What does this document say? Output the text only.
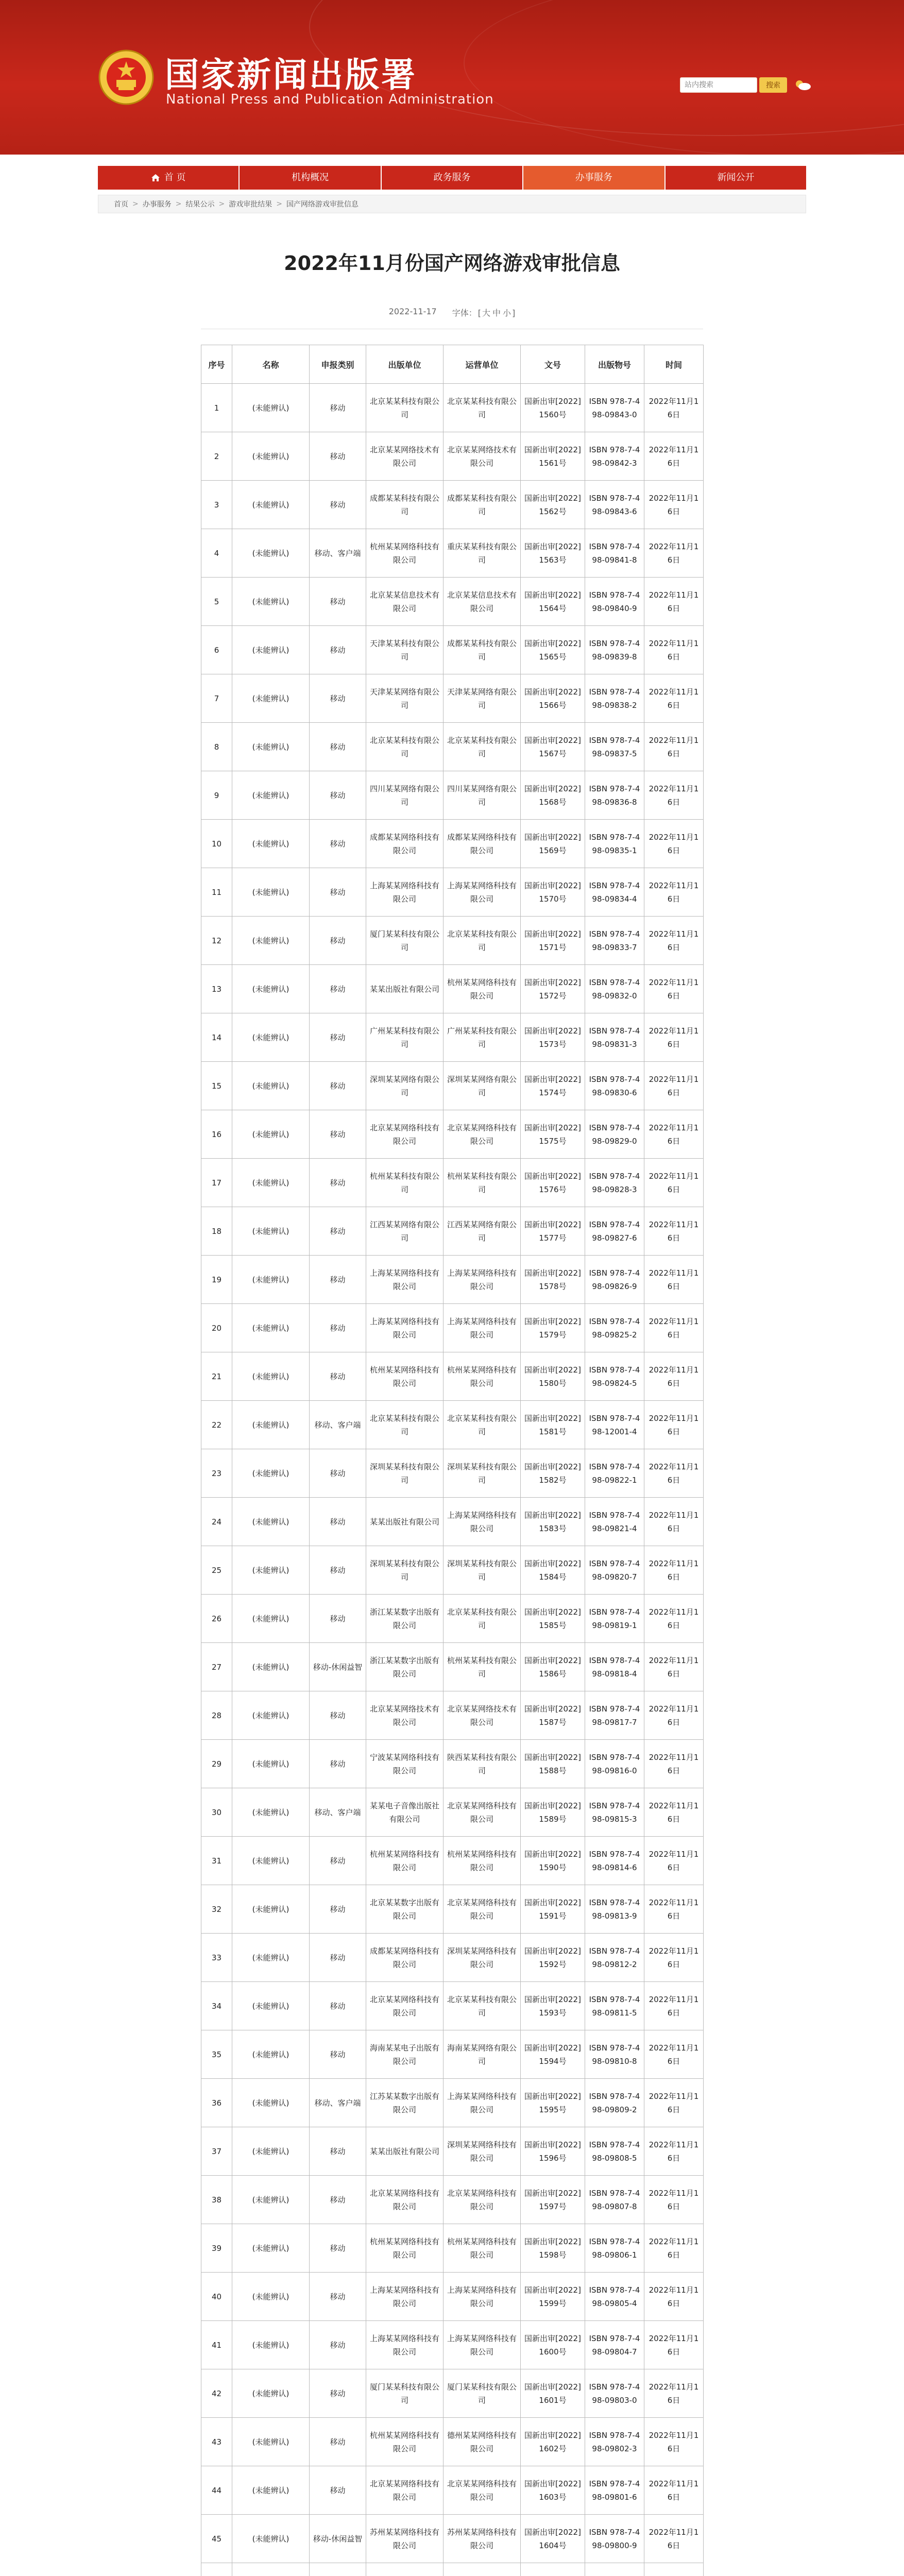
国家新闻出版署
National Press and Publication Administration
站内搜索
搜索
首 页	机构概况	政务服务	办事服务	新闻公开
首页 > 办事服务 > 结果公示 > 游戏审批结果 > 国产网络游戏审批信息
2022年11月份国产网络游戏审批信息
2022-11-17 字体： [ 大 中 小 ]
序号	名称	申报类别	出版单位	运营单位	文号	出版物号	时间
1	(未能辨认)	移动	北京某某科技有限公司	北京某某科技有限公司	国新出审[2022]1560号	ISBN 978-7-498-09843-0	2022年11月16日
2	(未能辨认)	移动	北京某某网络技术有限公司	北京某某网络技术有限公司	国新出审[2022]1561号	ISBN 978-7-498-09842-3	2022年11月16日
3	(未能辨认)	移动	成都某某科技有限公司	成都某某科技有限公司	国新出审[2022]1562号	ISBN 978-7-498-09843-6	2022年11月16日
4	(未能辨认)	移动、客户端	杭州某某网络科技有限公司	重庆某某科技有限公司	国新出审[2022]1563号	ISBN 978-7-498-09841-8	2022年11月16日
5	(未能辨认)	移动	北京某某信息技术有限公司	北京某某信息技术有限公司	国新出审[2022]1564号	ISBN 978-7-498-09840-9	2022年11月16日
6	(未能辨认)	移动	天津某某科技有限公司	成都某某科技有限公司	国新出审[2022]1565号	ISBN 978-7-498-09839-8	2022年11月16日
7	(未能辨认)	移动	天津某某网络有限公司	天津某某网络有限公司	国新出审[2022]1566号	ISBN 978-7-498-09838-2	2022年11月16日
8	(未能辨认)	移动	北京某某科技有限公司	北京某某科技有限公司	国新出审[2022]1567号	ISBN 978-7-498-09837-5	2022年11月16日
9	(未能辨认)	移动	四川某某网络有限公司	四川某某网络有限公司	国新出审[2022]1568号	ISBN 978-7-498-09836-8	2022年11月16日
10	(未能辨认)	移动	成都某某网络科技有限公司	成都某某网络科技有限公司	国新出审[2022]1569号	ISBN 978-7-498-09835-1	2022年11月16日
11	(未能辨认)	移动	上海某某网络科技有限公司	上海某某网络科技有限公司	国新出审[2022]1570号	ISBN 978-7-498-09834-4	2022年11月16日
12	(未能辨认)	移动	厦门某某科技有限公司	北京某某科技有限公司	国新出审[2022]1571号	ISBN 978-7-498-09833-7	2022年11月16日
13	(未能辨认)	移动	某某出版社有限公司	杭州某某网络科技有限公司	国新出审[2022]1572号	ISBN 978-7-498-09832-0	2022年11月16日
14	(未能辨认)	移动	广州某某科技有限公司	广州某某科技有限公司	国新出审[2022]1573号	ISBN 978-7-498-09831-3	2022年11月16日
15	(未能辨认)	移动	深圳某某网络有限公司	深圳某某网络有限公司	国新出审[2022]1574号	ISBN 978-7-498-09830-6	2022年11月16日
16	(未能辨认)	移动	北京某某网络科技有限公司	北京某某网络科技有限公司	国新出审[2022]1575号	ISBN 978-7-498-09829-0	2022年11月16日
17	(未能辨认)	移动	杭州某某科技有限公司	杭州某某科技有限公司	国新出审[2022]1576号	ISBN 978-7-498-09828-3	2022年11月16日
18	(未能辨认)	移动	江西某某网络有限公司	江西某某网络有限公司	国新出审[2022]1577号	ISBN 978-7-498-09827-6	2022年11月16日
19	(未能辨认)	移动	上海某某网络科技有限公司	上海某某网络科技有限公司	国新出审[2022]1578号	ISBN 978-7-498-09826-9	2022年11月16日
20	(未能辨认)	移动	上海某某网络科技有限公司	上海某某网络科技有限公司	国新出审[2022]1579号	ISBN 978-7-498-09825-2	2022年11月16日
21	(未能辨认)	移动	杭州某某网络科技有限公司	杭州某某网络科技有限公司	国新出审[2022]1580号	ISBN 978-7-498-09824-5	2022年11月16日
22	(未能辨认)	移动、客户端	北京某某科技有限公司	北京某某科技有限公司	国新出审[2022]1581号	ISBN 978-7-498-12001-4	2022年11月16日
23	(未能辨认)	移动	深圳某某科技有限公司	深圳某某科技有限公司	国新出审[2022]1582号	ISBN 978-7-498-09822-1	2022年11月16日
24	(未能辨认)	移动	某某出版社有限公司	上海某某网络科技有限公司	国新出审[2022]1583号	ISBN 978-7-498-09821-4	2022年11月16日
25	(未能辨认)	移动	深圳某某科技有限公司	深圳某某科技有限公司	国新出审[2022]1584号	ISBN 978-7-498-09820-7	2022年11月16日
26	(未能辨认)	移动	浙江某某数字出版有限公司	北京某某科技有限公司	国新出审[2022]1585号	ISBN 978-7-498-09819-1	2022年11月16日
27	(未能辨认)	移动-休闲益智	浙江某某数字出版有限公司	杭州某某科技有限公司	国新出审[2022]1586号	ISBN 978-7-498-09818-4	2022年11月16日
28	(未能辨认)	移动	北京某某网络技术有限公司	北京某某网络技术有限公司	国新出审[2022]1587号	ISBN 978-7-498-09817-7	2022年11月16日
29	(未能辨认)	移动	宁波某某网络科技有限公司	陕西某某科技有限公司	国新出审[2022]1588号	ISBN 978-7-498-09816-0	2022年11月16日
30	(未能辨认)	移动、客户端	某某电子音像出版社有限公司	北京某某网络科技有限公司	国新出审[2022]1589号	ISBN 978-7-498-09815-3	2022年11月16日
31	(未能辨认)	移动	杭州某某网络科技有限公司	杭州某某网络科技有限公司	国新出审[2022]1590号	ISBN 978-7-498-09814-6	2022年11月16日
32	(未能辨认)	移动	北京某某数字出版有限公司	北京某某网络科技有限公司	国新出审[2022]1591号	ISBN 978-7-498-09813-9	2022年11月16日
33	(未能辨认)	移动	成都某某网络科技有限公司	深圳某某网络科技有限公司	国新出审[2022]1592号	ISBN 978-7-498-09812-2	2022年11月16日
34	(未能辨认)	移动	北京某某网络科技有限公司	北京某某科技有限公司	国新出审[2022]1593号	ISBN 978-7-498-09811-5	2022年11月16日
35	(未能辨认)	移动	海南某某电子出版有限公司	海南某某网络有限公司	国新出审[2022]1594号	ISBN 978-7-498-09810-8	2022年11月16日
36	(未能辨认)	移动、客户端	江苏某某数字出版有限公司	上海某某网络科技有限公司	国新出审[2022]1595号	ISBN 978-7-498-09809-2	2022年11月16日
37	(未能辨认)	移动	某某出版社有限公司	深圳某某网络科技有限公司	国新出审[2022]1596号	ISBN 978-7-498-09808-5	2022年11月16日
38	(未能辨认)	移动	北京某某网络科技有限公司	北京某某网络科技有限公司	国新出审[2022]1597号	ISBN 978-7-498-09807-8	2022年11月16日
39	(未能辨认)	移动	杭州某某网络科技有限公司	杭州某某网络科技有限公司	国新出审[2022]1598号	ISBN 978-7-498-09806-1	2022年11月16日
40	(未能辨认)	移动	上海某某网络科技有限公司	上海某某网络科技有限公司	国新出审[2022]1599号	ISBN 978-7-498-09805-4	2022年11月16日
41	(未能辨认)	移动	上海某某网络科技有限公司	上海某某网络科技有限公司	国新出审[2022]1600号	ISBN 978-7-498-09804-7	2022年11月16日
42	(未能辨认)	移动	厦门某某科技有限公司	厦门某某科技有限公司	国新出审[2022]1601号	ISBN 978-7-498-09803-0	2022年11月16日
43	(未能辨认)	移动	杭州某某网络科技有限公司	德州某某网络科技有限公司	国新出审[2022]1602号	ISBN 978-7-498-09802-3	2022年11月16日
44	(未能辨认)	移动	北京某某网络科技有限公司	北京某某网络科技有限公司	国新出审[2022]1603号	ISBN 978-7-498-09801-6	2022年11月16日
45	(未能辨认)	移动-休闲益智	苏州某某网络科技有限公司	苏州某某网络科技有限公司	国新出审[2022]1604号	ISBN 978-7-498-09800-9	2022年11月16日
